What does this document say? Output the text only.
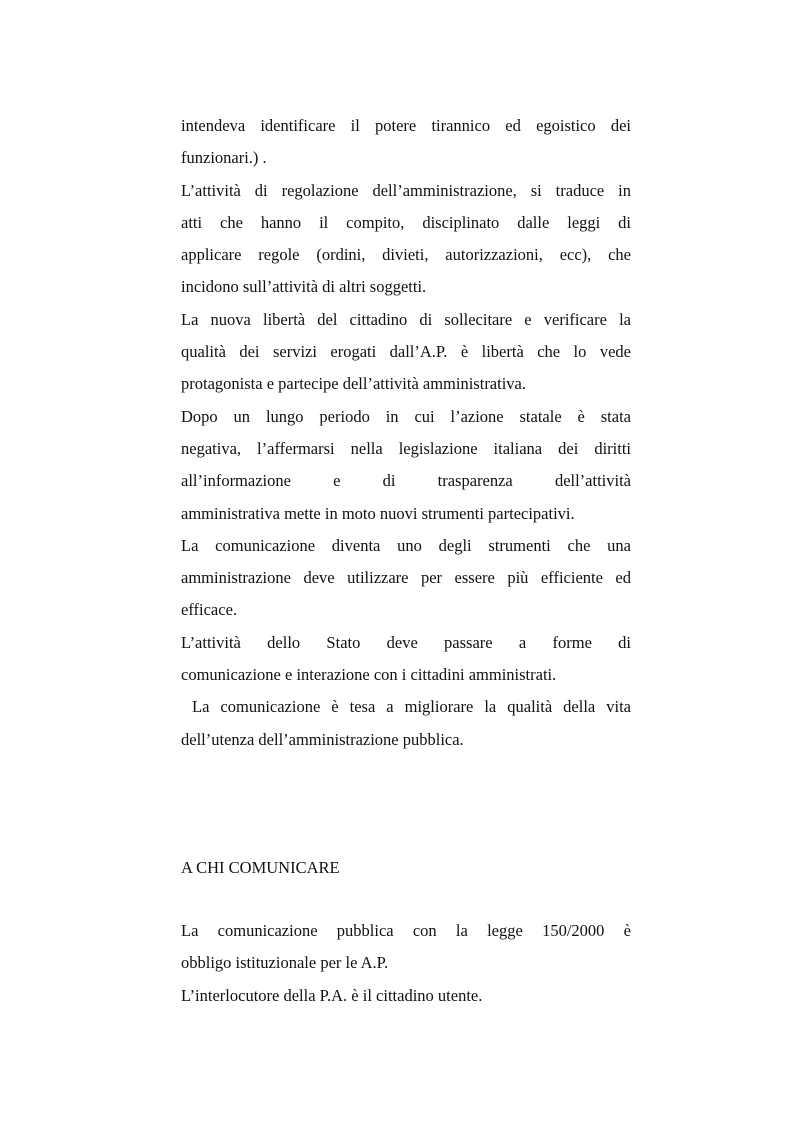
intendeva identificare il potere tirannico ed egoistico dei
funzionari.) .
L’attività di regolazione dell’amministrazione, si traduce in
atti che hanno il compito, disciplinato dalle leggi di
applicare regole (ordini, divieti, autorizzazioni, ecc), che
incidono sull’attività di altri soggetti.
La nuova libertà del cittadino di sollecitare e verificare la
qualità dei servizi erogati dall’A.P. è libertà che lo vede
protagonista e partecipe dell’attività amministrativa.
Dopo un lungo periodo in cui l’azione statale è stata
negativa, l’affermarsi nella legislazione italiana dei diritti
all’informazione e di trasparenza dell’attività
amministrativa mette in moto nuovi strumenti partecipativi.
La comunicazione diventa uno degli strumenti che una
amministrazione deve utilizzare per essere più efficiente ed
efficace.
L’attività dello Stato deve passare a forme di
comunicazione e interazione con i cittadini amministrati.
La comunicazione è tesa a migliorare la qualità della vita
dell’utenza dell’amministrazione pubblica.
A CHI COMUNICARE
La comunicazione pubblica con la legge 150/2000 è
obbligo istituzionale per le A.P.
L’interlocutore della P.A. è il cittadino utente.
